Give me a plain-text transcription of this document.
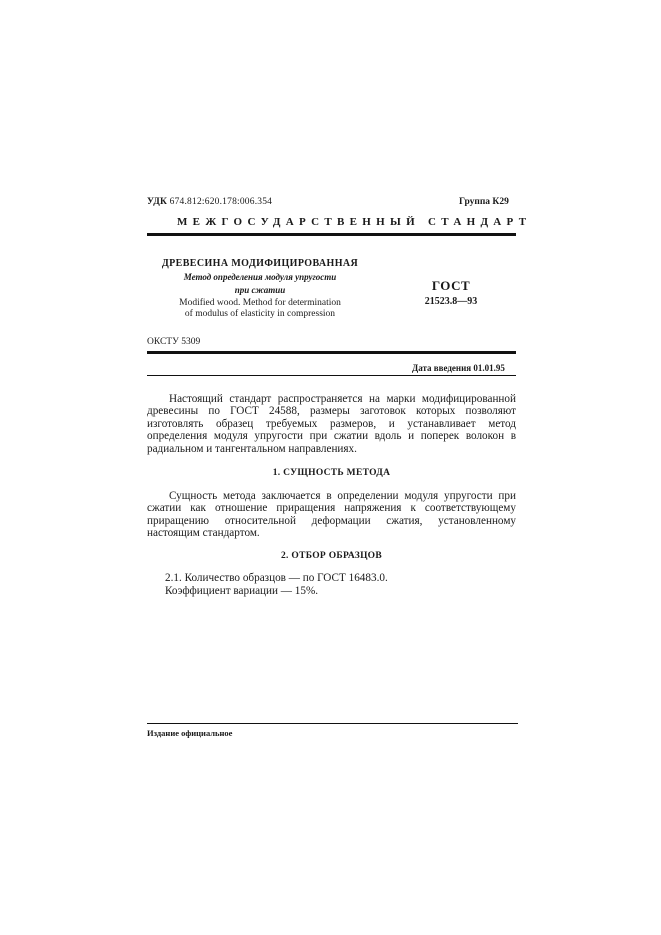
УДК 674.812:620.178:006.354	Группа К29
МЕЖГОСУДАРСТВЕННЫЙ СТАНДАРТ
ДРЕВЕСИНА МОДИФИЦИРОВАННАЯ
Метод определения модуля упругости
при сжатии
Modified wood. Method for determination
of modulus of elasticity in compression
ГОСТ
21523.8—93
ОКСТУ 5309
Дата введения 01.01.95
Настоящий стандарт распространяется на марки модифицированной древесины по ГОСТ 24588, размеры заготовок которых позволяют изготовлять образец требуемых размеров, и устанавливает метод определения модуля упругости при сжатии вдоль и поперек волокон в радиальном и тангентальном направлениях.
1. СУЩНОСТЬ МЕТОДА
Сущность метода заключается в определении модуля упругости при сжатии как отношение приращения напряжения к соответствующему приращению относительной деформации сжатия, установленному настоящим стандартом.
2. ОТБОР ОБРАЗЦОВ
2.1. Количество образцов — по ГОСТ 16483.0.
Коэффициент вариации — 15%.
Издание официальное
